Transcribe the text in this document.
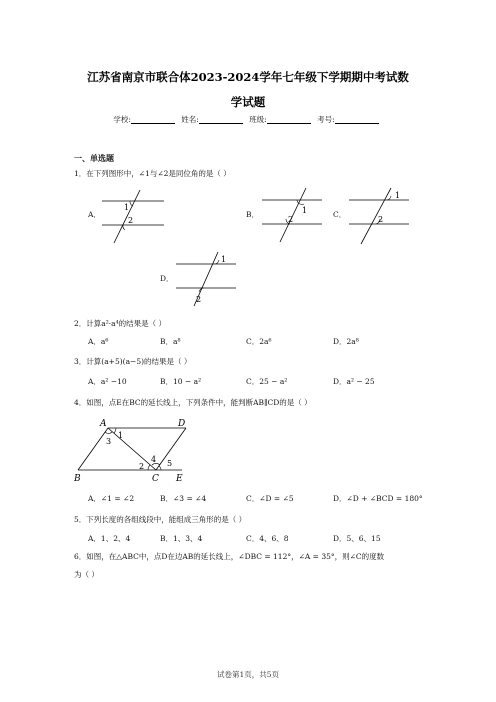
江苏省南京市联合体2023-2024学年七年级下学期期中考试数
学试题
学校:	姓名:	班级:	考号:
一、单选题
1．在下列图形中，∠1与∠2是同位角的是（ ）
A．
1
2
B．	1
2
C．
1
2
D．
1
2
2．计算a²·a⁴的结果是（ ）
A．a⁶	B．a⁸	C．2a⁶	D．2a⁸
3．计算(a+5)(a−5)的结果是（ ）
A．a² −10	B．10 − a²	C．25 − a²	D．a² − 25
4．如图，点E在BC的延长线上，下列条件中，能判断AB∥CD的是（ ）
A	D
B	C E
1
2
3
4 5
A．∠1 = ∠2	B．∠3 = ∠4	C．∠D = ∠5	D．∠D + ∠BCD = 180°
5．下列长度的各组线段中，能组成三角形的是（ ）
A．1、2、4	B．1、3、4	C．4、6、8	D．5、6、15
6．如图，在△ABC中，点D在边AB的延长线上，∠DBC = 112°，∠A = 35°，则∠C的度数
为（ ）
试卷第1页，共5页
